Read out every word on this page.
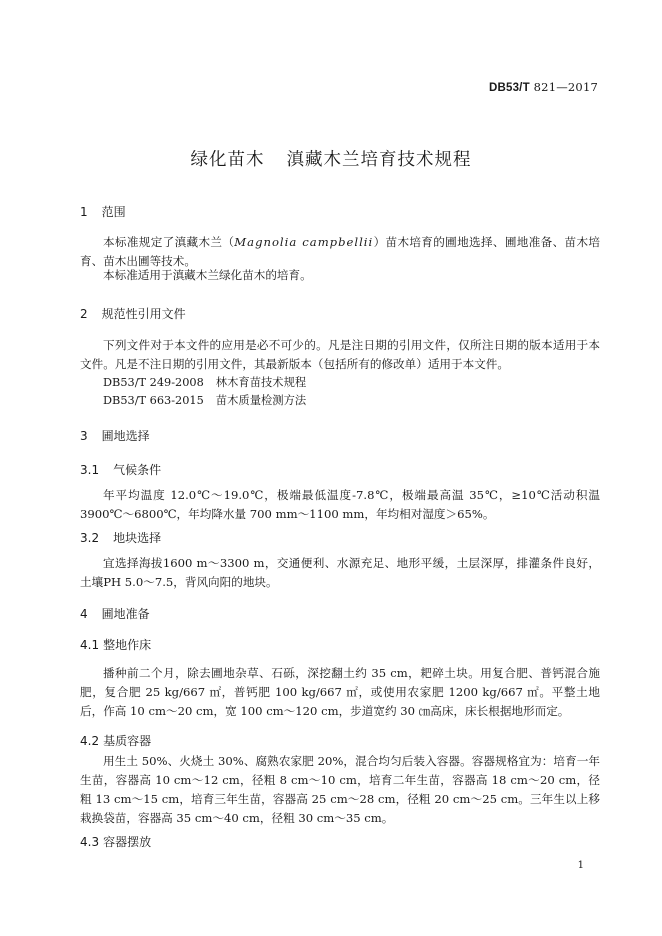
DB53/T 821—2017
绿化苗木 滇藏木兰培育技术规程
1 范围
本标准规定了滇藏木兰（Magnolia campbellii）苗木培育的圃地选择、圃地准备、苗木培育、苗木出圃等技术。
本标准适用于滇藏木兰绿化苗木的培育。
2 规范性引用文件
下列文件对于本文件的应用是必不可少的。凡是注日期的引用文件，仅所注日期的版本适用于本文件。凡是不注日期的引用文件，其最新版本（包括所有的修改单）适用于本文件。
DB53/T 249-2008 林木育苗技术规程
DB53/T 663-2015 苗木质量检测方法
3 圃地选择
3.1 气候条件
年平均温度 12.0℃～19.0℃，极端最低温度-7.8℃，极端最高温 35℃，≥10℃活动积温 3900℃～6800℃，年均降水量 700 mm～1100 mm，年均相对湿度＞65%。
3.2 地块选择
宜选择海拔1600 m～3300 m，交通便利、水源充足、地形平缓，土层深厚，排灌条件良好， 土壤PH 5.0～7.5，背风向阳的地块。
4 圃地准备
4.1 整地作床
播种前二个月，除去圃地杂草、石砾，深挖翻土约 35 cm，耙碎土块。用复合肥、普钙混合施肥，复合肥 25 kg/667 ㎡，普钙肥 100 kg/667 ㎡，或使用农家肥 1200 kg/667 ㎡。平整土地后，作高 10 cm～20 cm，宽 100 cm～120 cm，步道宽约 30 ㎝高床，床长根据地形而定。
4.2 基质容器
用生土 50%、火烧土 30%、腐熟农家肥 20%，混合均匀后装入容器。容器规格宜为：培育一年生苗，容器高 10 cm～12 cm，径粗 8 cm～10 cm，培育二年生苗，容器高 18 cm～20 cm，径粗 13 cm～15 cm，培育三年生苗，容器高 25 cm～28 cm，径粗 20 cm～25 cm。三年生以上移栽换袋苗，容器高 35 cm～40 cm，径粗 30 cm～35 cm。
4.3 容器摆放
1
